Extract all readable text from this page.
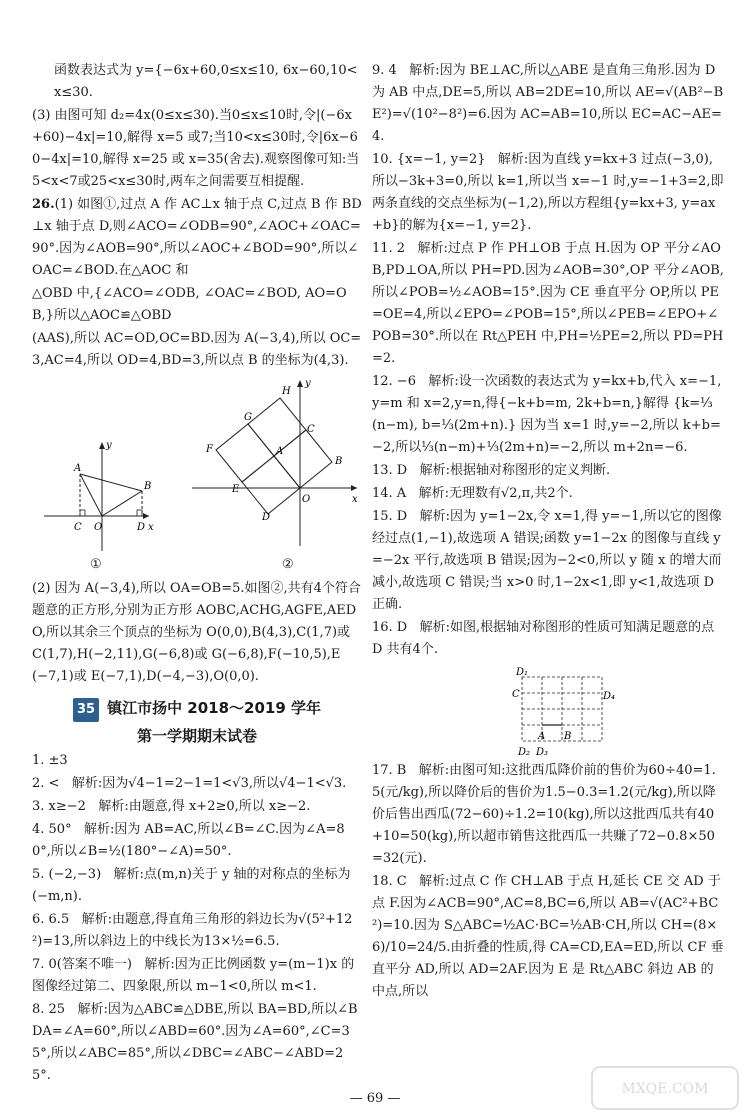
函数表达式为 y={−6x+60,0≤x≤10, 6x−60,10<x≤30.

(3) 由图可知 d₂=4x(0≤x≤30).当0≤x≤10时,令|(−6x+60)−4x|=10,解得 x=5 或7;当10<x≤30时,令|6x−60−4x|=10,解得 x=25 或 x=35(舍去).观察图像可知:当5<x<7或25<x≤30时,两车之间需要互相提醒.

26.(1) 如图①,过点 A 作 AC⊥x 轴于点 C,过点 B 作 BD⊥x 轴于点 D,则∠ACO=∠ODB=90°,∠AOC+∠OAC=90°.因为∠AOB=90°,所以∠AOC+∠BOD=90°,所以∠OAC=∠BOD.在△AOC 和

△OBD 中,{∠ACO=∠ODB, ∠OAC=∠BOD, AO=OB,}所以△AOC≌△OBD

(AAS),所以 AC=OD,OC=BD.因为 A(−3,4),所以 OC=3,AC=4,所以 OD=4,BD=3,所以点 B 的坐标为(4,3).

A
B
C O	D x
y
①
A
B
C
D
E
F
G
H
O	x
y
②

(2) 因为 A(−3,4),所以 OA=OB=5.如图②,共有4个符合题意的正方形,分别为正方形 AOBC,ACHG,AGFE,AEDO,所以其余三个顶点的坐标为 O(0,0),B(4,3),C(1,7)或 C(1,7),H(−2,11),G(−6,8)或 G(−6,8),F(−10,5),E(−7,1)或 E(−7,1),D(−4,−3),O(0,0).

35 镇江市扬中 2018～2019 学年
第一学期期末试卷

1. ±3

2. <   解析:因为√4−1=2−1=1<√3,所以√4−1<√3.

3. x≥−2   解析:由题意,得 x+2≥0,所以 x≥−2.

4. 50°   解析:因为 AB=AC,所以∠B=∠C.因为∠A=80°,所以∠B=½(180°−∠A)=50°.

5. (−2,−3)   解析:点(m,n)关于 y 轴的对称点的坐标为(−m,n).

6. 6.5   解析:由题意,得直角三角形的斜边长为√(5²+12²)=13,所以斜边上的中线长为13×½=6.5.

7. 0(答案不唯一)   解析:因为正比例函数 y=(m−1)x 的图像经过第二、四象限,所以 m−1<0,所以 m<1.

8. 25   解析:因为△ABC≌△DBE,所以 BA=BD,所以∠BDA=∠A=60°,所以∠ABD=60°.因为∠A=60°,∠C=35°,所以∠ABC=85°,所以∠DBC=∠ABC−∠ABD=25°.

9. 4   解析:因为 BE⊥AC,所以△ABE 是直角三角形.因为 D 为 AB 中点,DE=5,所以 AB=2DE=10,所以 AE=√(AB²−BE²)=√(10²−8²)=6.因为 AC=AB=10,所以 EC=AC−AE=4.

10. {x=−1, y=2}   解析:因为直线 y=kx+3 过点(−3,0),所以−3k+3=0,所以 k=1,所以当 x=−1 时,y=−1+3=2,即两条直线的交点坐标为(−1,2),所以方程组{y=kx+3, y=ax+b}的解为{x=−1, y=2}.

11. 2   解析:过点 P 作 PH⊥OB 于点 H.因为 OP 平分∠AOB,PD⊥OA,所以 PH=PD.因为∠AOB=30°,OP 平分∠AOB,所以∠POB=½∠AOB=15°.因为 CE 垂直平分 OP,所以 PE=OE=4,所以∠EPO=∠POB=15°,所以∠PEB=∠EPO+∠POB=30°.所以在 Rt△PEH 中,PH=½PE=2,所以 PD=PH=2.

12. −6   解析:设一次函数的表达式为 y=kx+b,代入 x=−1,y=m 和 x=2,y=n,得{−k+b=m, 2k+b=n,}解得 {k=⅓(n−m), b=⅓(2m+n).} 因为当 x=1 时,y=−2,所以 k+b=−2,所以⅓(n−m)+⅓(2m+n)=−2,所以 m+2n=−6.

13. D   解析:根据轴对称图形的定义判断.

14. A   解析:无理数有√2,π,共2个.

15. D   解析:因为 y=1−2x,令 x=1,得 y=−1,所以它的图像经过点(1,−1),故选项 A 错误;函数 y=1−2x 的图像与直线 y=−2x 平行,故选项 B 错误;因为−2<0,所以 y 随 x 的增大而减小,故选项 C 错误;当 x>0 时,1−2x<1,即 y<1,故选项 D 正确.

16. D   解析:如图,根据轴对称图形的性质可知满足题意的点 D 共有4个.

D₁
D₄
C
A B
D₂ D₃

17. B   解析:由图可知:这批西瓜降价前的售价为60÷40=1.5(元/kg),所以降价后的售价为1.5−0.3=1.2(元/kg),所以降价后售出西瓜(72−60)÷1.2=10(kg),所以这批西瓜共有40+10=50(kg),所以超市销售这批西瓜一共赚了72−0.8×50=32(元).

18. C   解析:过点 C 作 CH⊥AB 于点 H,延长 CE 交 AD 于点 F.因为∠ACB=90°,AC=8,BC=6,所以 AB=√(AC²+BC²)=10.因为 S△ABC=½AC·BC=½AB·CH,所以 CH=(8×6)/10=24/5.由折叠的性质,得 CA=CD,EA=ED,所以 CF 垂直平分 AD,所以 AD=2AF.因为 E 是 Rt△ABC 斜边 AB 的中点,所以

— 69 —
MXQE.COM
